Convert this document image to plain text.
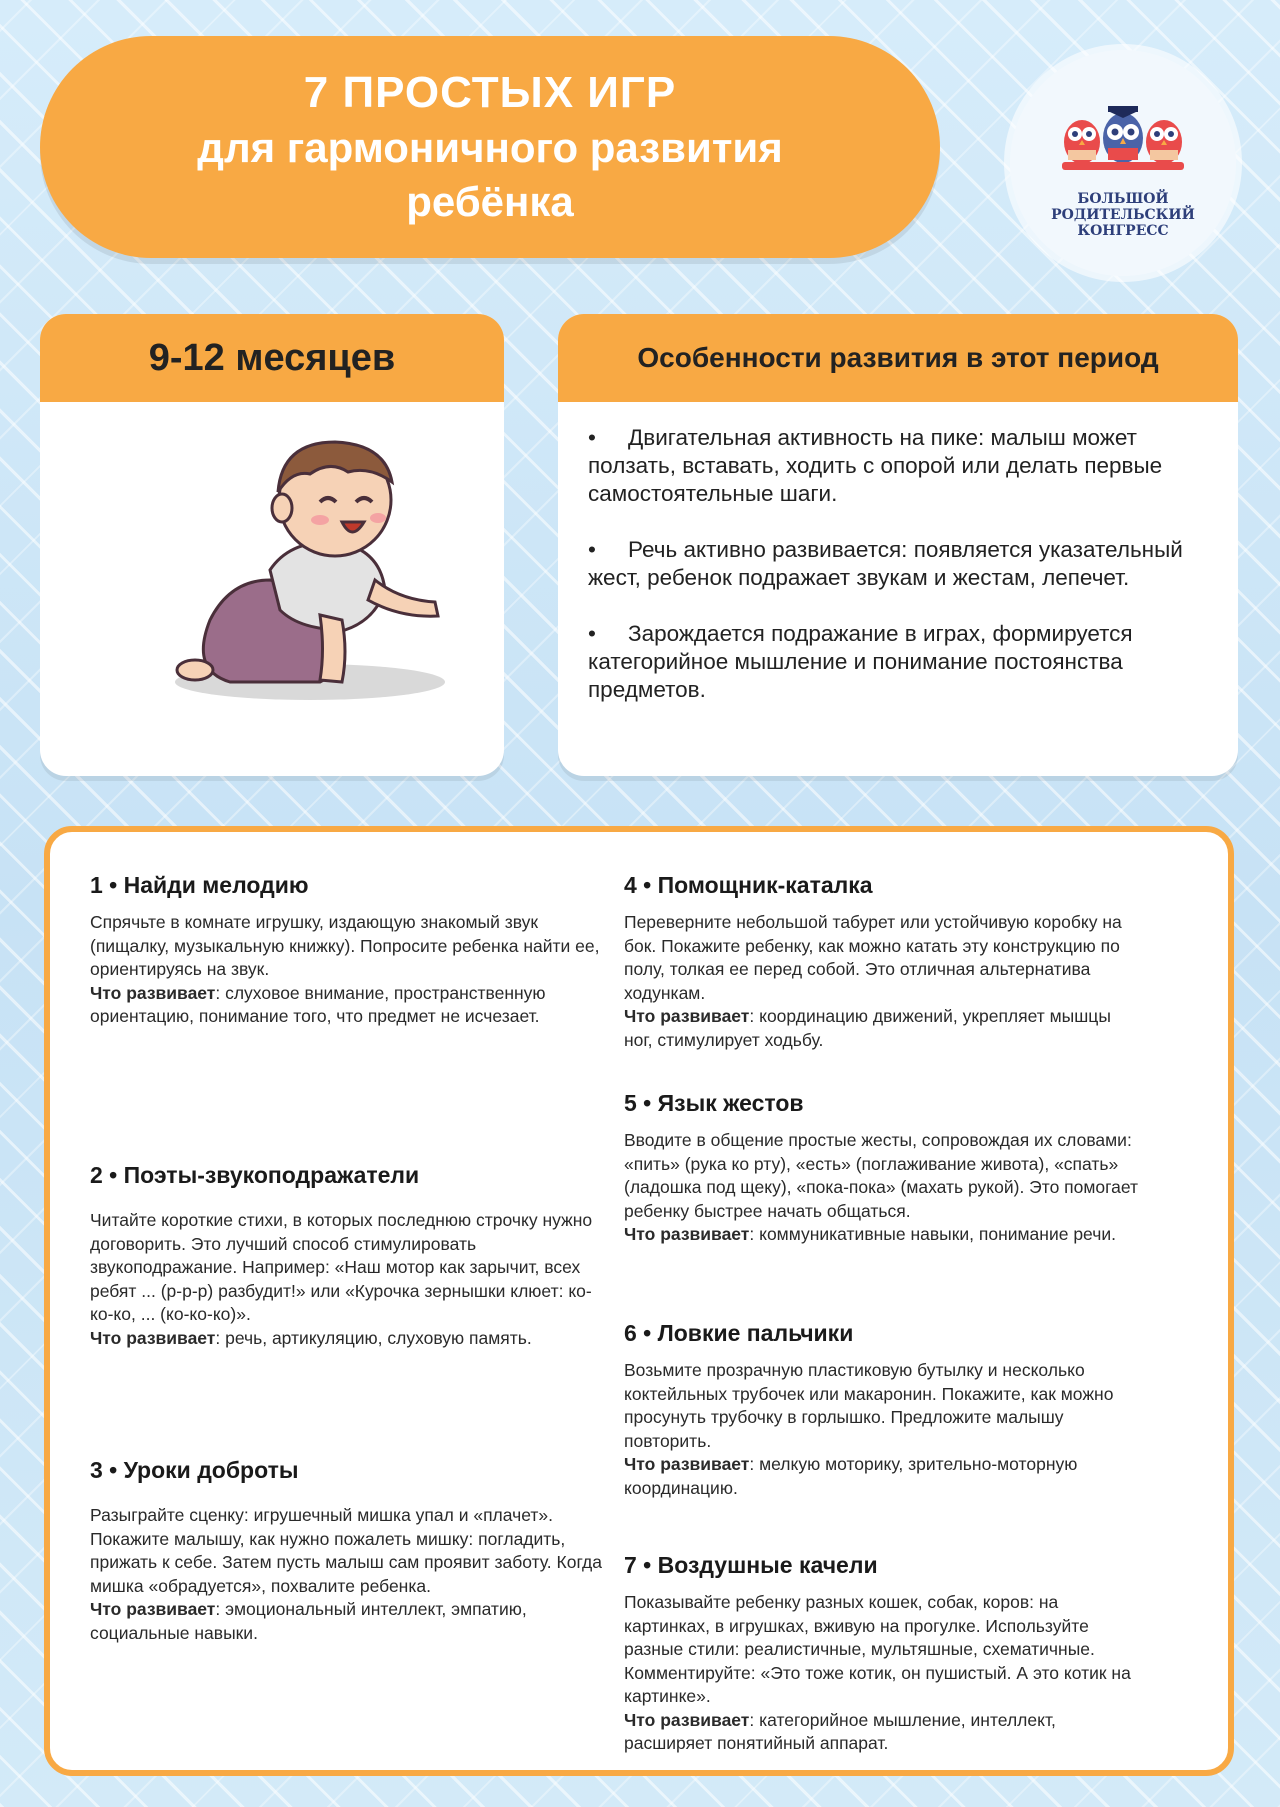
7 ПРОСТЫХ ИГР
для гармоничного развития
ребёнка	БОЛЬШОЙ
РОДИТЕЛЬСКИЙ
КОНГРЕСС
9-12 месяцев	Особенности развития в этот период
• Двигательная активность на пике: малыш может ползать, вставать, ходить с опорой или делать первые самостоятельные шаги.
• Речь активно развивается: появляется указательный жест, ребенок подражает звукам и жестам, лепечет.
• Зарождается подражание в играх, формируется категорийное мышление и понимание постоянства предметов.
1 • Найди мелодию

Спрячьте в комнате игрушку, издающую знакомый звук (пищалку, музыкальную книжку). Попросите ребенка найти ее, ориентируясь на звук.

Что развивает: слуховое внимание, пространственную ориентацию, понимание того, что предмет не исчезает.

2 • Поэты-звукоподражатели

Читайте короткие стихи, в которых последнюю строчку нужно договорить. Это лучший способ стимулировать звукоподражание. Например: «Наш мотор как зарычит, всех ребят ... (р-р-р) разбудит!» или «Курочка зернышки клюет: ко-ко-ко, ... (ко-ко-ко)».

Что развивает: речь, артикуляцию, слуховую память.

3 • Уроки доброты

Разыграйте сценку: игрушечный мишка упал и «плачет». Покажите малышу, как нужно пожалеть мишку: погладить, прижать к себе. Затем пусть малыш сам проявит заботу. Когда мишка «обрадуется», похвалите ребенка.

Что развивает: эмоциональный интеллект, эмпатию, социальные навыки.

4 • Помощник-каталка

Переверните небольшой табурет или устойчивую коробку на бок. Покажите ребенку, как можно катать эту конструкцию по полу, толкая ее перед собой. Это отличная альтернатива ходункам.

Что развивает: координацию движений, укрепляет мышцы ног, стимулирует ходьбу.

5 • Язык жестов

Вводите в общение простые жесты, сопровождая их словами: «пить» (рука ко рту), «есть» (поглаживание живота), «спать» (ладошка под щеку), «пока-пока» (махать рукой). Это помогает ребенку быстрее начать общаться.

Что развивает: коммуникативные навыки, понимание речи.

6 • Ловкие пальчики

Возьмите прозрачную пластиковую бутылку и несколько коктейльных трубочек или макаронин. Покажите, как можно просунуть трубочку в горлышко. Предложите малышу повторить.

Что развивает: мелкую моторику, зрительно-моторную координацию.

7 • Воздушные качели

Показывайте ребенку разных кошек, собак, коров: на картинках, в игрушках, вживую на прогулке. Используйте разные стили: реалистичные, мультяшные, схематичные. Комментируйте: «Это тоже котик, он пушистый. А это котик на картинке».

Что развивает: категорийное мышление, интеллект, расширяет понятийный аппарат.
